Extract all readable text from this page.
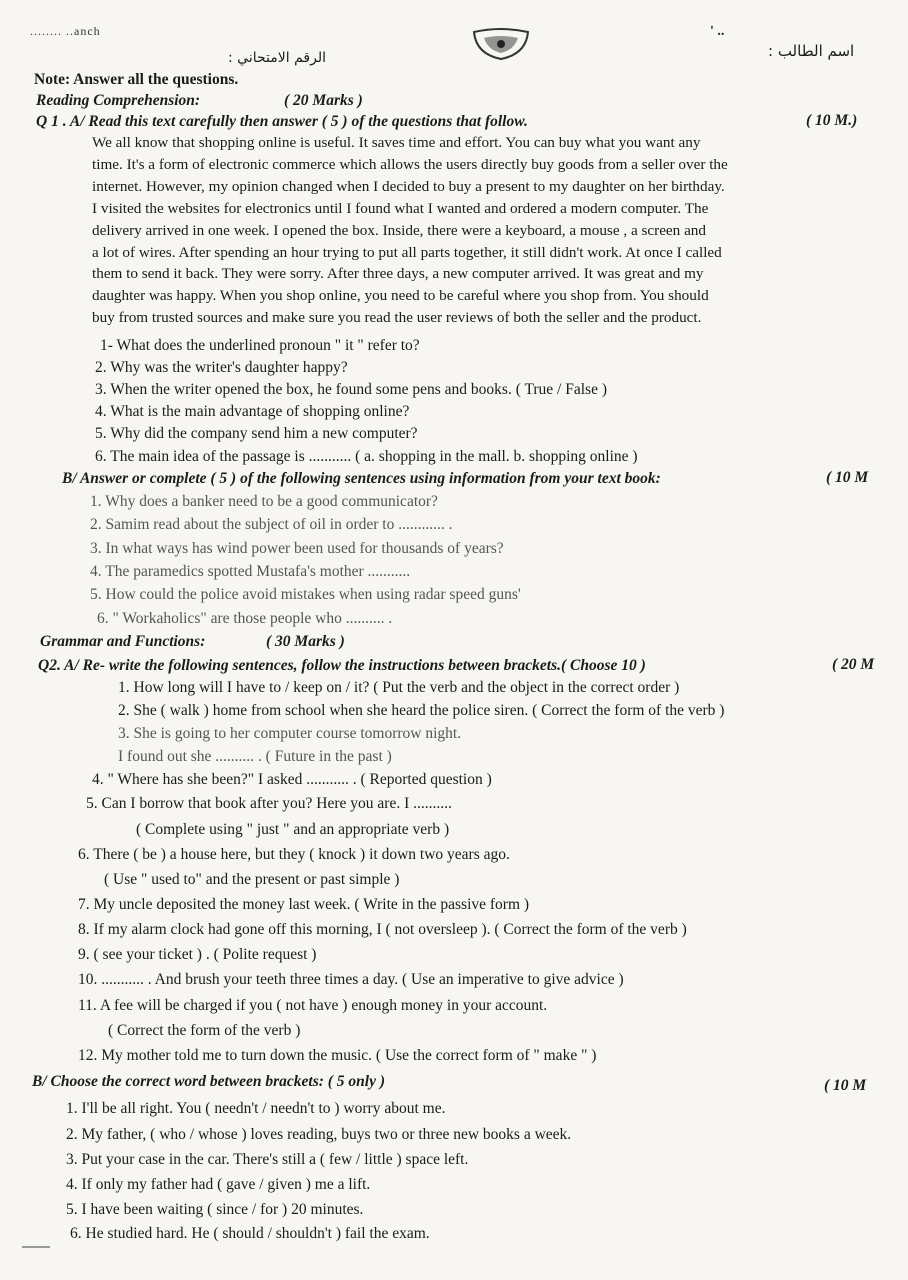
........ ..anch	' ..
اسم الطالب :
الرقم الامتحاني :
Note: Answer all the questions.
Reading Comprehension:	( 20 Marks )
Q 1 . A/ Read this text carefully then answer ( 5 ) of the questions that follow.	( 10 M.)
We all know that shopping online is useful. It saves time and effort. You can buy what you want any
time. It's a form of electronic commerce which allows the users directly buy goods from a seller over the
internet. However, my opinion changed when I decided to buy a present to my daughter on her birthday.
I visited the websites for electronics until I found what I wanted and ordered a modern computer. The
delivery arrived in one week. I opened the box. Inside, there were a keyboard, a mouse , a screen and
a lot of wires. After spending an hour trying to put all parts together, it still didn't work. At once I called
them to send it back. They were sorry. After three days, a new computer arrived. It was great and my
daughter was happy. When you shop online, you need to be careful where you shop from. You should
buy from trusted sources and make sure you read the user reviews of both the seller and the product.
1- What does the underlined pronoun " it " refer to?
2. Why was the writer's daughter happy?
3. When the writer opened the box, he found some pens and books. ( True / False )
4. What is the main advantage of shopping online?
5. Why did the company send him a new computer?
6. The main idea of the passage is ........... ( a. shopping in the mall. b. shopping online )
B/ Answer or complete ( 5 ) of the following sentences using information from your text book:	( 10 M
1. Why does a banker need to be a good communicator?
2. Samim read about the subject of oil in order to ............ .
3. In what ways has wind power been used for thousands of years?
4. The paramedics spotted Mustafa's mother ...........
5. How could the police avoid mistakes when using radar speed guns'
6. " Workaholics" are those people who .......... .
Grammar and Functions:	( 30 Marks )
Q2. A/ Re- write the following sentences, follow the instructions between brackets.( Choose 10 )	( 20 M
1. How long will I have to / keep on / it? ( Put the verb and the object in the correct order )
2. She ( walk ) home from school when she heard the police siren. ( Correct the form of the verb )
3. She is going to her computer course tomorrow night.
I found out she .......... . ( Future in the past )
4. " Where has she been?" I asked ........... . ( Reported question )
5. Can I borrow that book after you? Here you are. I ..........
( Complete using " just " and an appropriate verb )
6. There ( be ) a house here, but they ( knock ) it down two years ago.
( Use " used to" and the present or past simple )
7. My uncle deposited the money last week. ( Write in the passive form )
8. If my alarm clock had gone off this morning, I ( not oversleep ). ( Correct the form of the verb )
9. ( see your ticket ) . ( Polite request )
10. ........... . And brush your teeth three times a day. ( Use an imperative to give advice )
11. A fee will be charged if you ( not have ) enough money in your account.
( Correct the form of the verb )
12. My mother told me to turn down the music. ( Use the correct form of " make " )
B/ Choose the correct word between brackets: ( 5 only )	( 10 M
1. I'll be all right. You ( needn't / needn't to ) worry about me.
2. My father, ( who / whose ) loves reading, buys two or three new books a week.
3. Put your case in the car. There's still a ( few / little ) space left.
4. If only my father had ( gave / given ) me a lift.
5. I have been waiting ( since / for ) 20 minutes.
6. He studied hard. He ( should / shouldn't ) fail the exam.
